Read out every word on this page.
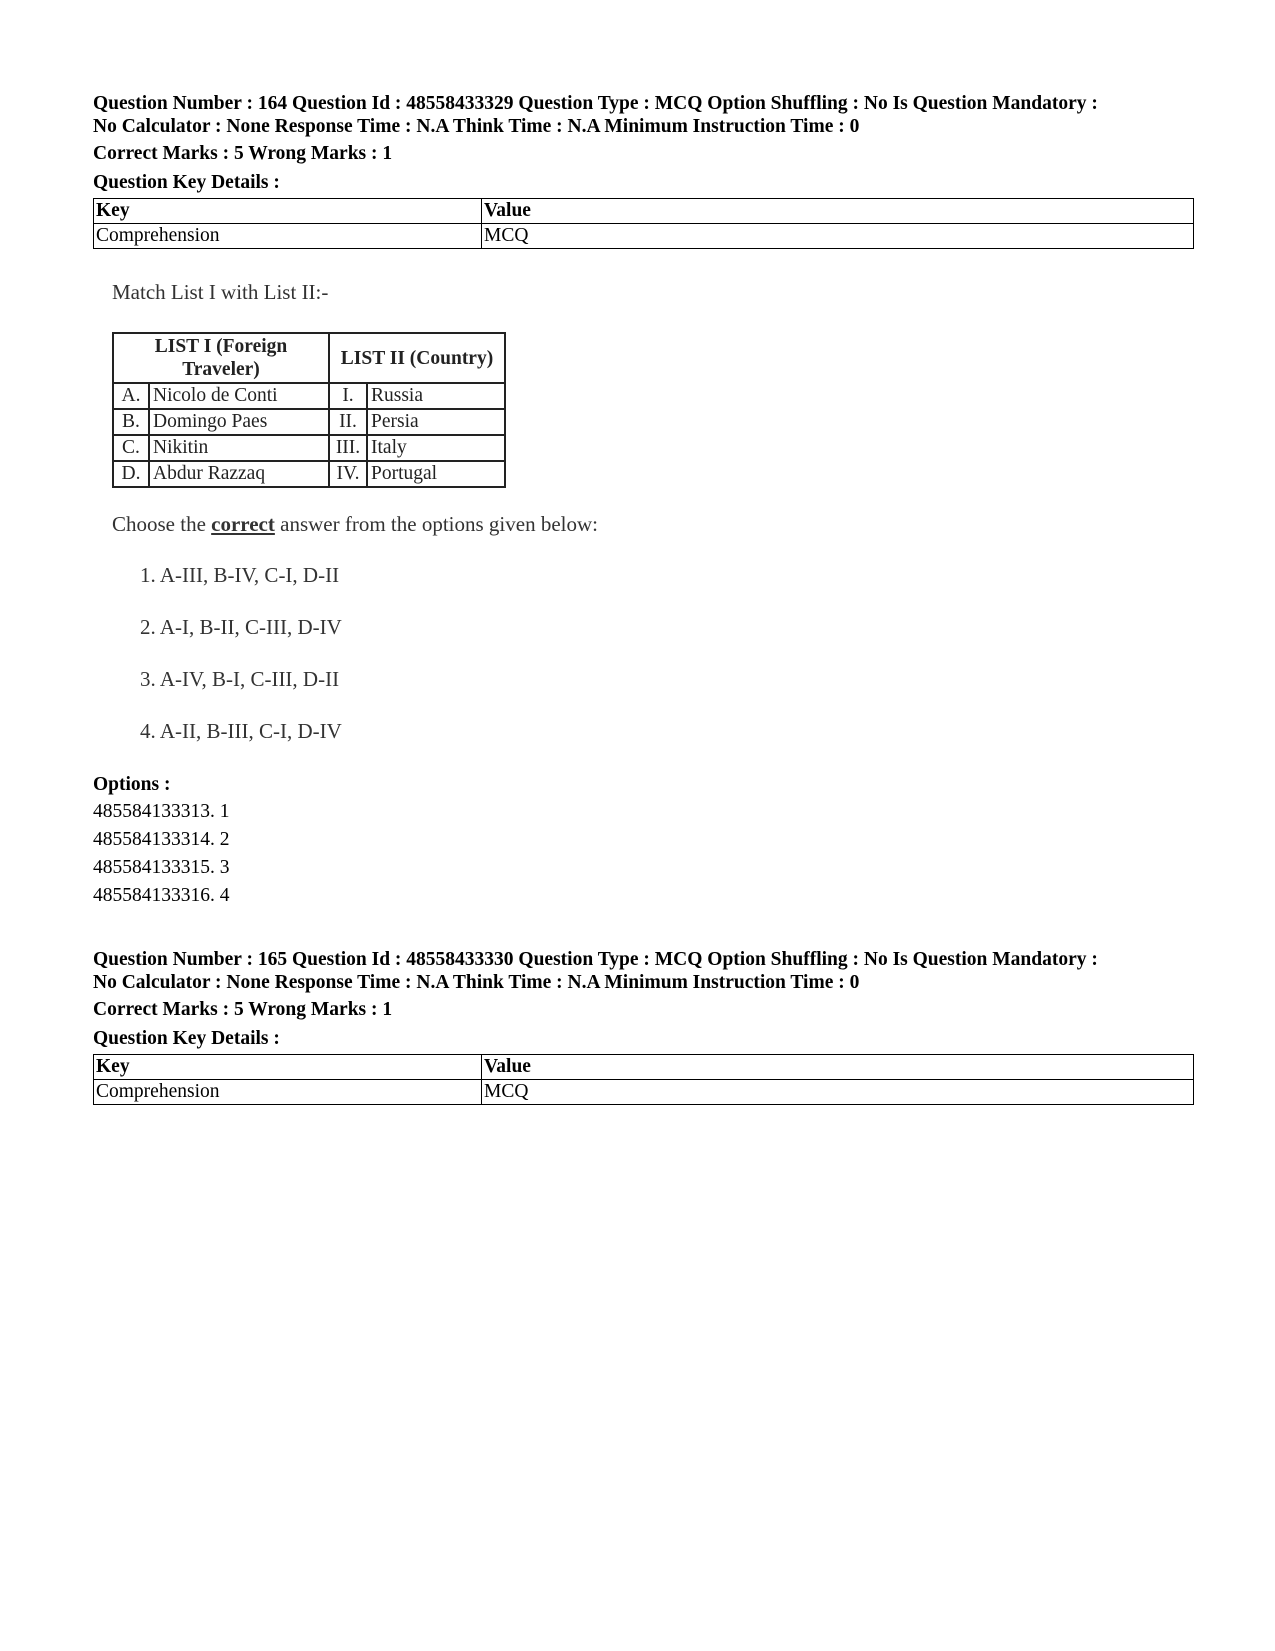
Question Number : 164 Question Id : 48558433329 Question Type : MCQ Option Shuffling : No Is Question Mandatory :
No Calculator : None Response Time : N.A Think Time : N.A Minimum Instruction Time : 0
Correct Marks : 5 Wrong Marks : 1
Question Key Details :
Key	Value
Comprehension	MCQ

Match List I with List II:-

LIST I (Foreign Traveler)		LIST II (Country)	
A.	Nicolo de Conti	I.	Russia
B.	Domingo Paes	II.	Persia
C.	Nikitin	III.	Italy
D.	Abdur Razzaq	IV.	Portugal

Choose the correct answer from the options given below:

1. A-III, B-IV, C-I, D-II

2. A-I, B-II, C-III, D-IV

3. A-IV, B-I, C-III, D-II

4. A-II, B-III, C-I, D-IV

Options :
485584133313. 1
485584133314. 2
485584133315. 3
485584133316. 4
Question Number : 165 Question Id : 48558433330 Question Type : MCQ Option Shuffling : No Is Question Mandatory :
No Calculator : None Response Time : N.A Think Time : N.A Minimum Instruction Time : 0
Correct Marks : 5 Wrong Marks : 1
Question Key Details :
Key	Value
Comprehension	MCQ
